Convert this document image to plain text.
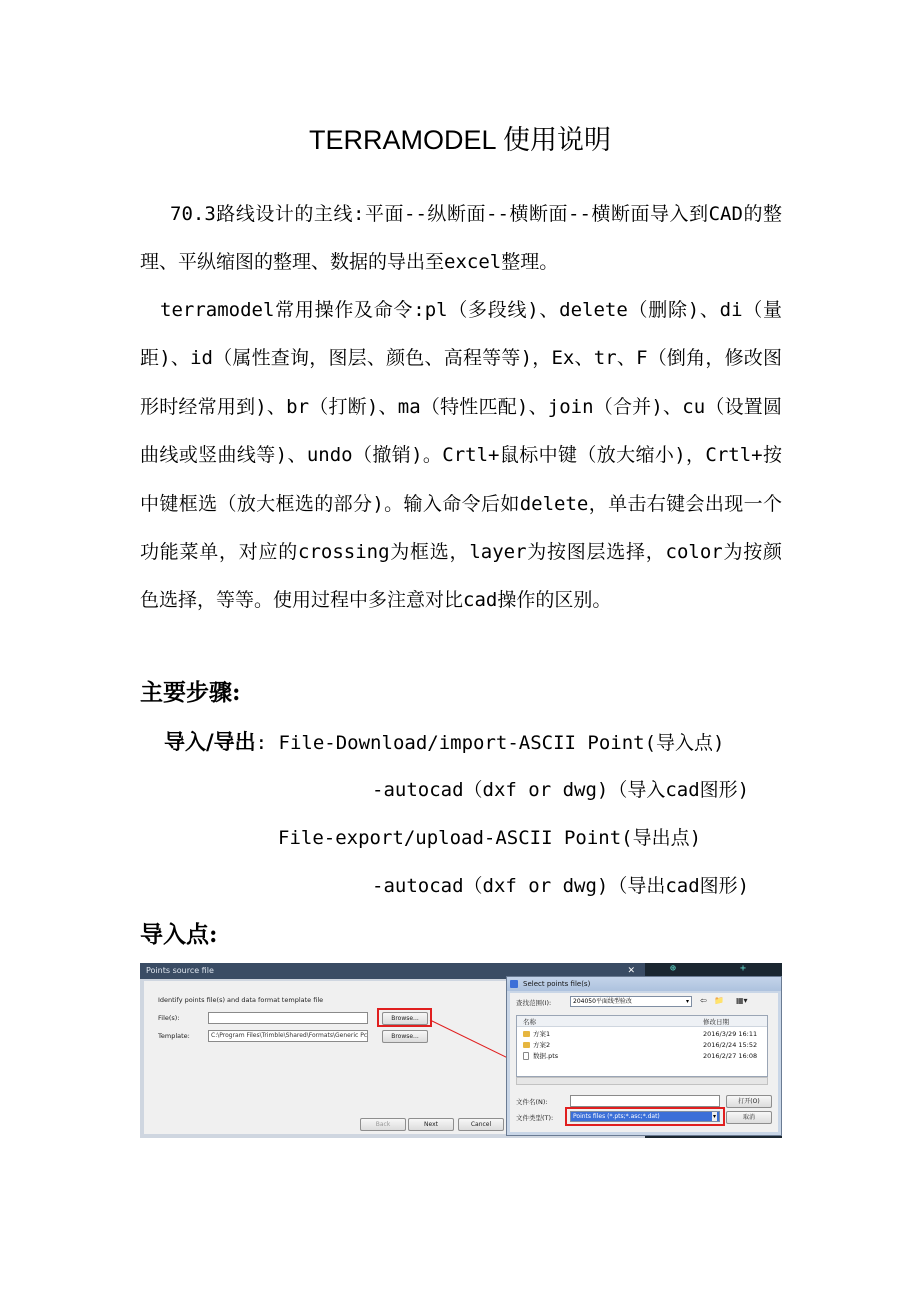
TERRAMODEL 使用说明
70.3路线设计的主线:平面--纵断面--横断面--横断面导入到CAD的整理、平纵缩图的整理、数据的导出至excel整理。
terramodel常用操作及命令:pl（多段线)、delete（删除)、di（量距)、id（属性查询，图层、颜色、高程等等)，Ex、tr、F（倒角，修改图形时经常用到)、br（打断)、ma（特性匹配)、join（合并)、cu（设置圆曲线或竖曲线等)、undo（撤销)。Crtl+鼠标中键（放大缩小)，Crtl+按中键框选（放大框选的部分)。输入命令后如delete，单击右键会出现一个功能菜单，对应的crossing为框选，layer为按图层选择，color为按颜色选择，等等。使用过程中多注意对比cad操作的区别。
主要步骤:
导入/导出: File-Download/import-ASCII Point(导入点)
-autocad（dxf or dwg)（导入cad图形)
File-export/upload-ASCII Point(导出点)
-autocad（dxf or dwg)（导出cad图形)
导入点:
⊕	+
Points source file	✕
Identify points file(s) and data format template file
File(s):	Browse...
Template:	C:\Program Files\Trimble\Shared\Formats\Generic Pc	Browse...
Back	Next	Cancel
Select points file(s)
查找范围(I):	204050平面线型验改	▾ ⇦ 📁 ▦▾
名称	修改日期
方案1	2016/3/29 16:11
方案2	2016/2/24 15:52
数据.pts	2016/2/27 16:08
文件名(N):	打开(O)
文件类型(T):	Points files (*.pts;*.asc;*.dat)	▾	取消
